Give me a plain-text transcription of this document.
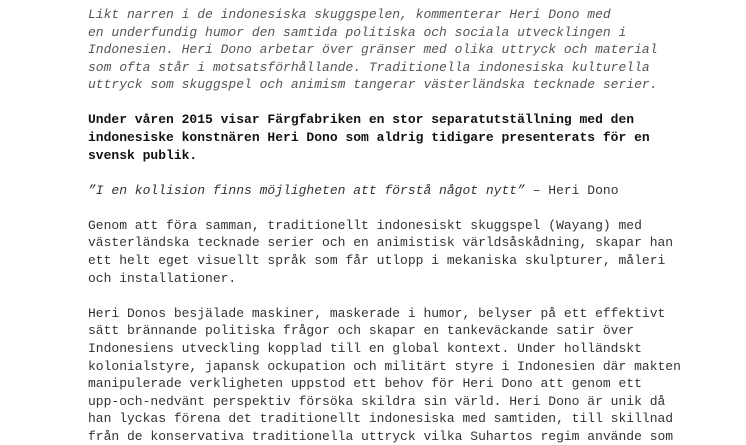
Likt narren i de indonesiska skuggspelen, kommenterar Heri Dono med
en underfundig humor den samtida politiska och sociala utvecklingen i
Indonesien. Heri Dono arbetar över gränser med olika uttryck och material
som ofta står i motsatsförhållande. Traditionella indonesiska kulturella
uttryck som skuggspel och animism tangerar västerländska tecknade serier.
Under våren 2015 visar Färgfabriken en stor separatutställning med den
indonesiske konstnären Heri Dono som aldrig tidigare presenterats för en
svensk publik.
”I en kollision finns möjligheten att förstå något nytt” – Heri Dono
Genom att föra samman, traditionellt indonesiskt skuggspel (Wayang) med
västerländska tecknade serier och en animistisk världsåskådning, skapar han
ett helt eget visuellt språk som får utlopp i mekaniska skulpturer, måleri
och installationer.
Heri Donos besjälade maskiner, maskerade i humor, belyser på ett effektivt
sätt brännande politiska frågor och skapar en tankeväckande satir över
Indonesiens utveckling kopplad till en global kontext. Under holländskt
kolonialstyre, japansk ockupation och militärt styre i Indonesien där makten
manipulerade verkligheten uppstod ett behov för Heri Dono att genom ett
upp-och-nedvänt perspektiv försöka skildra sin värld. Heri Dono är unik då
han lyckas förena det traditionellt indonesiska med samtiden, till skillnad
från de konservativa traditionella uttryck vilka Suhartos regim använde som
